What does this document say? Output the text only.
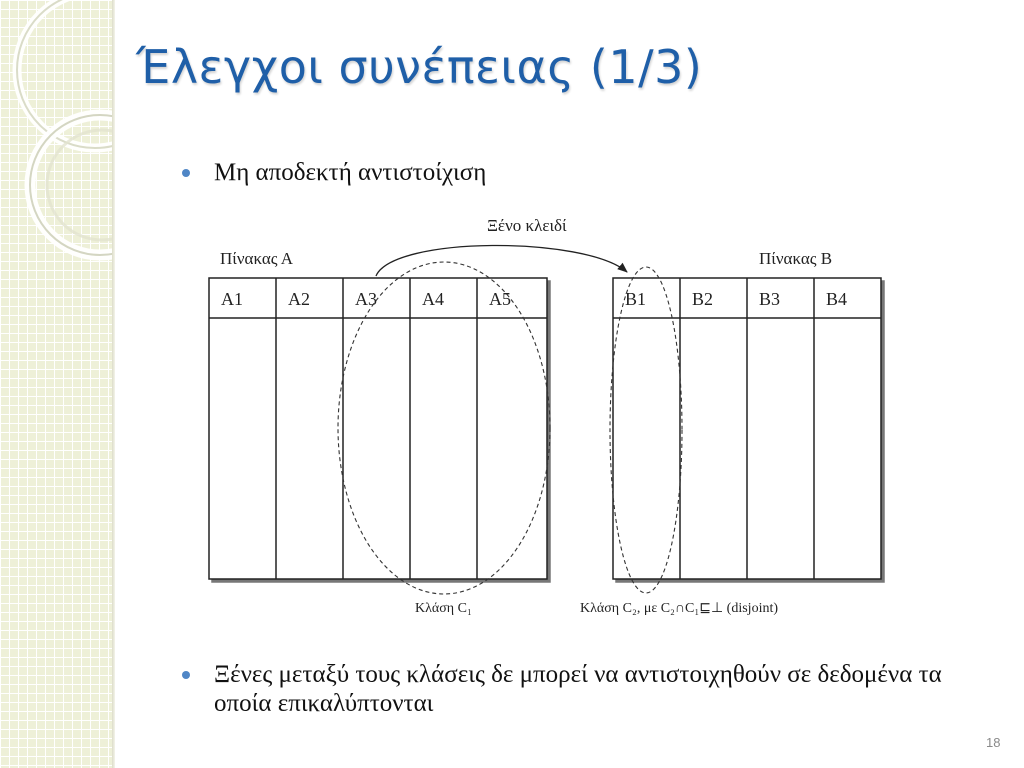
Έλεγχοι συνέπειας (1/3)
Μη αποδεκτή αντιστοίχιση
Ξένο κλειδί
Πίνακας Α	Πίνακας Β
A1	A2	A3	A4	A5	B1	B2	B3	B4
Κλάση C₁	Κλάση C₂, με C₂∩C₁⊑⊥ (disjoint)
Ξένες μεταξύ τους κλάσεις δε μπορεί να αντιστοιχηθούν σε δεδομένα τα οποία επικαλύπτονται
18
